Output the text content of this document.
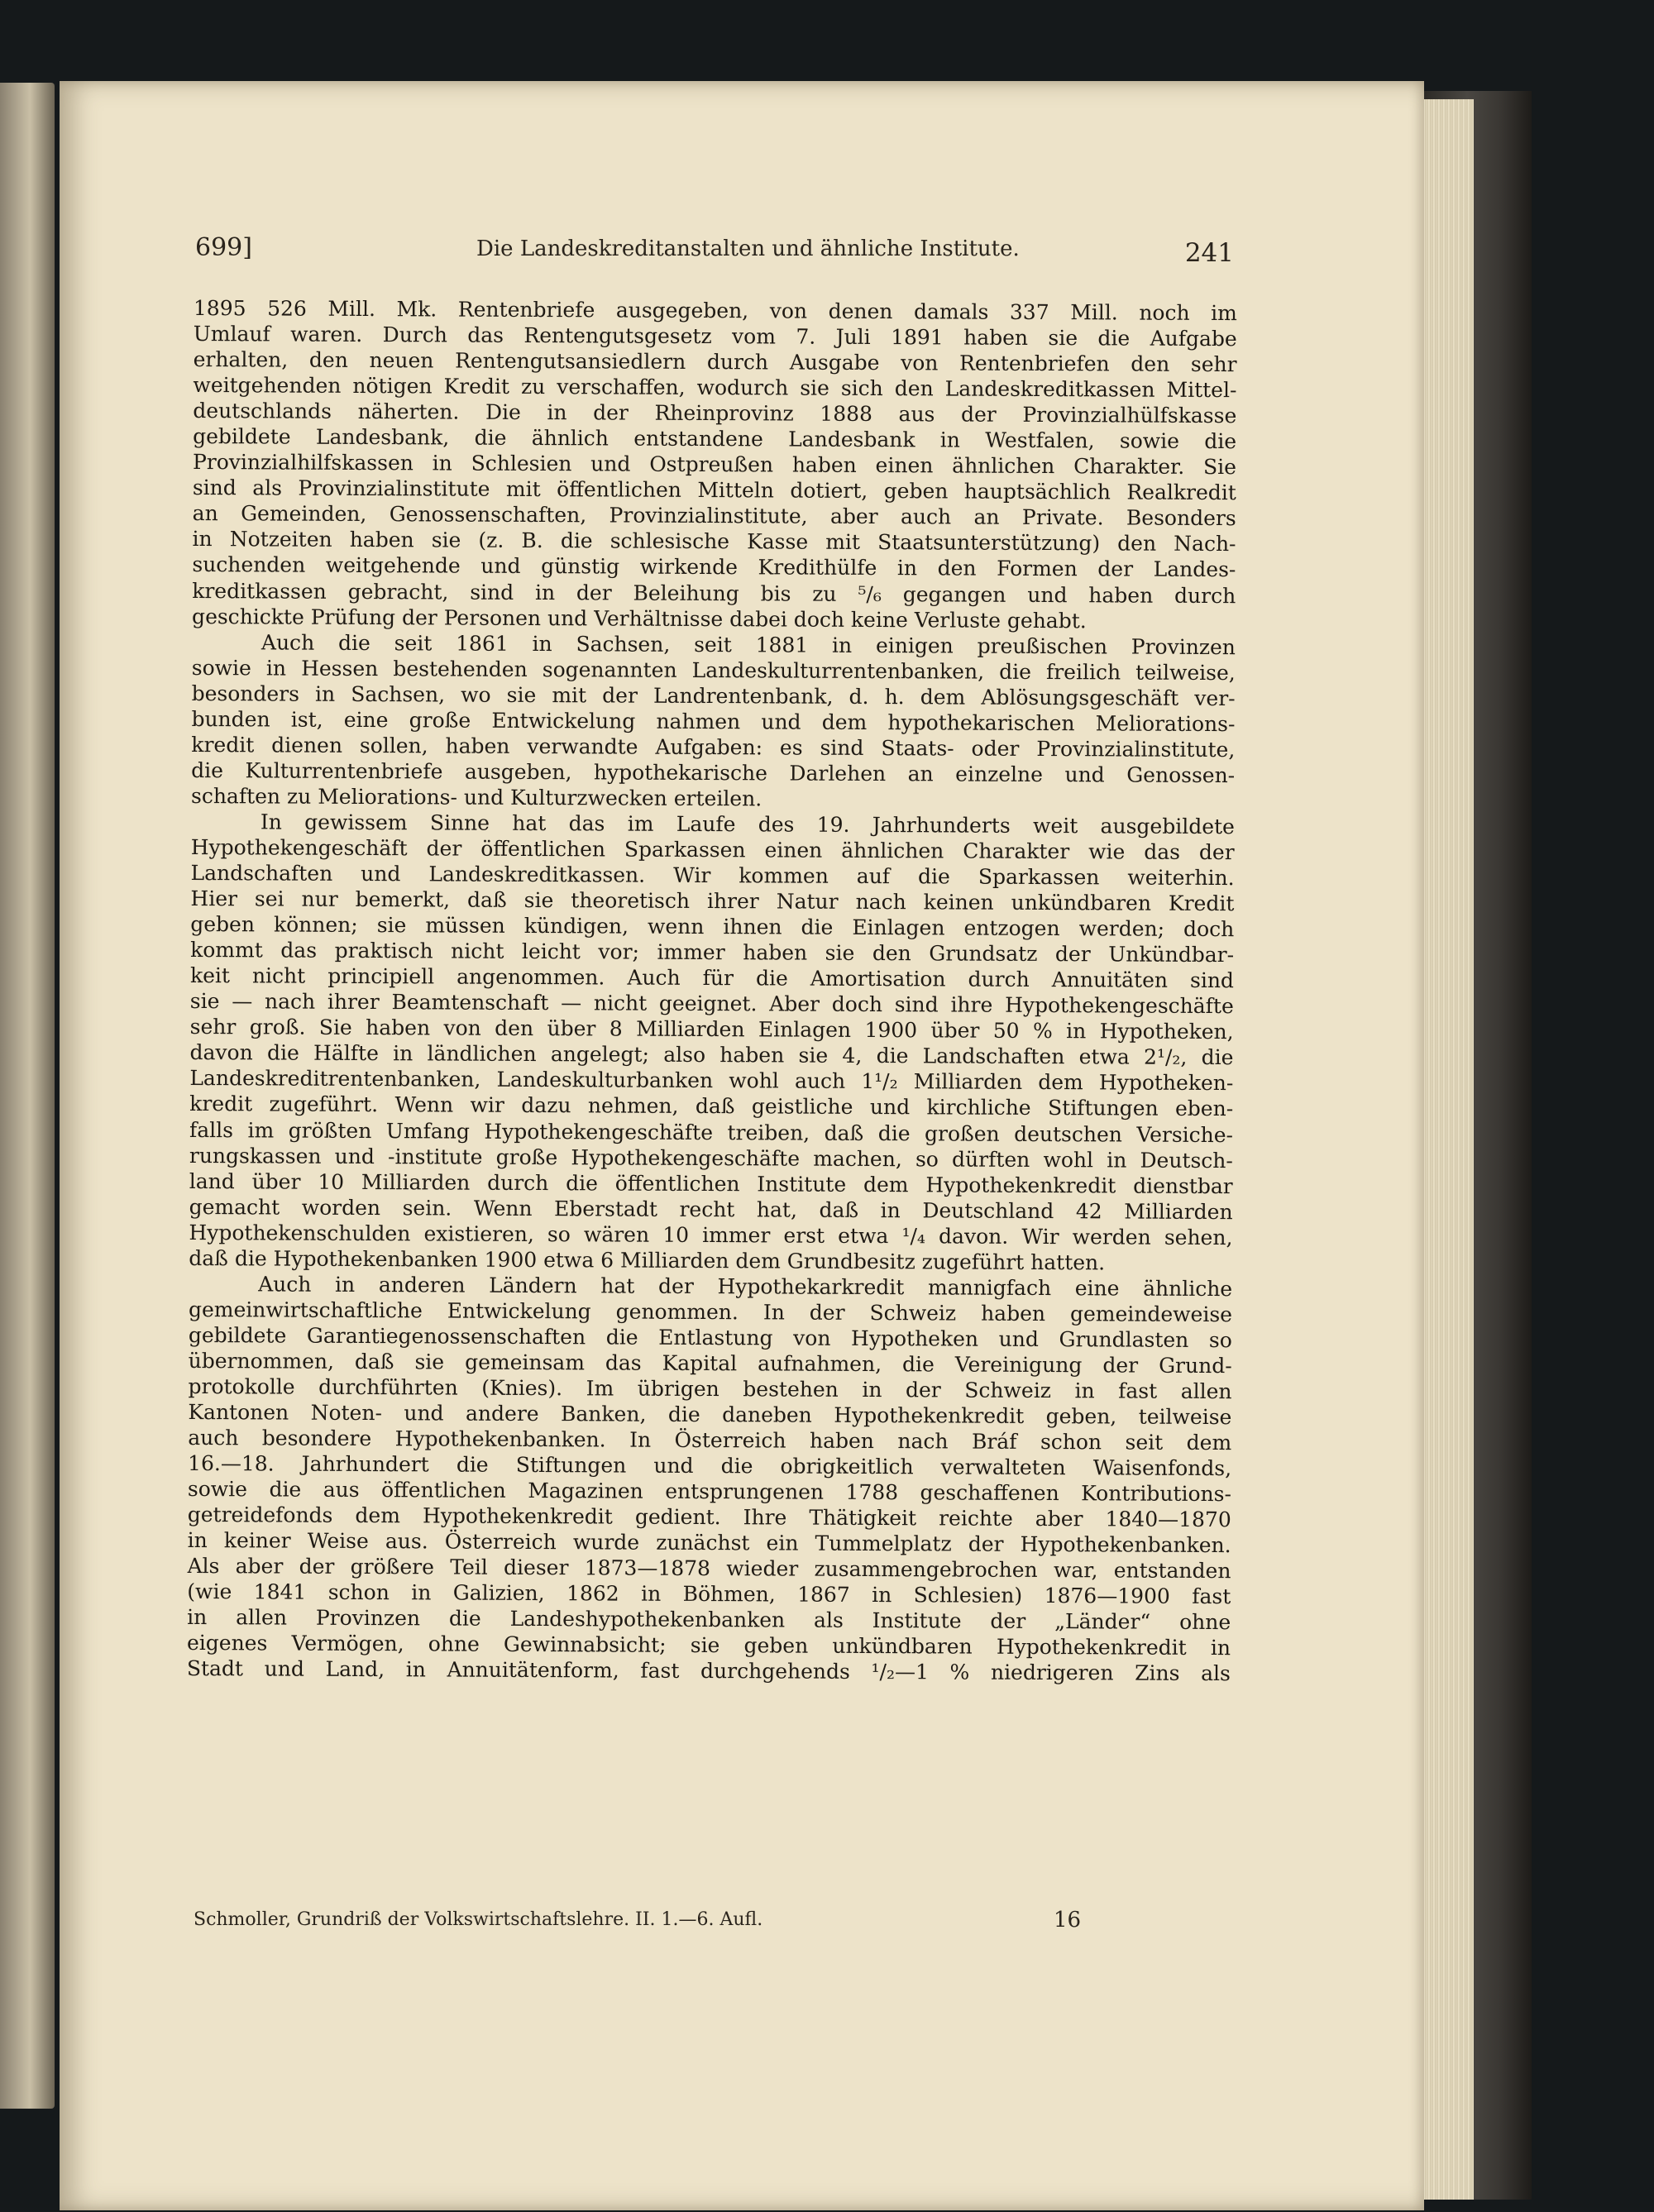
699]	Die Landeskreditanstalten und ähnliche Institute.	241
1895 526 Mill. Mk. Rentenbriefe ausgegeben, von denen damals 337 Mill. noch im
Umlauf waren. Durch das Rentengutsgesetz vom 7. Juli 1891 haben sie die Aufgabe
erhalten, den neuen Rentengutsansiedlern durch Ausgabe von Rentenbriefen den sehr
weitgehenden nötigen Kredit zu verschaffen, wodurch sie sich den Landeskreditkassen Mittel-
deutschlands näherten. Die in der Rheinprovinz 1888 aus der Provinzialhülfskasse
gebildete Landesbank, die ähnlich entstandene Landesbank in Westfalen, sowie die
Provinzialhilfskassen in Schlesien und Ostpreußen haben einen ähnlichen Charakter. Sie
sind als Provinzialinstitute mit öffentlichen Mitteln dotiert, geben hauptsächlich Realkredit
an Gemeinden, Genossenschaften, Provinzialinstitute, aber auch an Private. Besonders
in Notzeiten haben sie (z. B. die schlesische Kasse mit Staatsunterstützung) den Nach-
suchenden weitgehende und günstig wirkende Kredithülfe in den Formen der Landes-
kreditkassen gebracht, sind in der Beleihung bis zu ⁵/₆ gegangen und haben durch
geschickte Prüfung der Personen und Verhältnisse dabei doch keine Verluste gehabt.
Auch die seit 1861 in Sachsen, seit 1881 in einigen preußischen Provinzen
sowie in Hessen bestehenden sogenannten Landeskulturrentenbanken, die freilich teilweise,
besonders in Sachsen, wo sie mit der Landrentenbank, d. h. dem Ablösungsgeschäft ver-
bunden ist, eine große Entwickelung nahmen und dem hypothekarischen Meliorations-
kredit dienen sollen, haben verwandte Aufgaben: es sind Staats- oder Provinzialinstitute,
die Kulturrentenbriefe ausgeben, hypothekarische Darlehen an einzelne und Genossen-
schaften zu Meliorations- und Kulturzwecken erteilen.
In gewissem Sinne hat das im Laufe des 19. Jahrhunderts weit ausgebildete
Hypothekengeschäft der öffentlichen Sparkassen einen ähnlichen Charakter wie das der
Landschaften und Landeskreditkassen. Wir kommen auf die Sparkassen weiterhin.
Hier sei nur bemerkt, daß sie theoretisch ihrer Natur nach keinen unkündbaren Kredit
geben können; sie müssen kündigen, wenn ihnen die Einlagen entzogen werden; doch
kommt das praktisch nicht leicht vor; immer haben sie den Grundsatz der Unkündbar-
keit nicht principiell angenommen. Auch für die Amortisation durch Annuitäten sind
sie — nach ihrer Beamtenschaft — nicht geeignet. Aber doch sind ihre Hypothekengeschäfte
sehr groß. Sie haben von den über 8 Milliarden Einlagen 1900 über 50 % in Hypotheken,
davon die Hälfte in ländlichen angelegt; also haben sie 4, die Landschaften etwa 2¹/₂, die
Landeskreditrentenbanken, Landeskulturbanken wohl auch 1¹/₂ Milliarden dem Hypotheken-
kredit zugeführt. Wenn wir dazu nehmen, daß geistliche und kirchliche Stiftungen eben-
falls im größten Umfang Hypothekengeschäfte treiben, daß die großen deutschen Versiche-
rungskassen und -institute große Hypothekengeschäfte machen, so dürften wohl in Deutsch-
land über 10 Milliarden durch die öffentlichen Institute dem Hypothekenkredit dienstbar
gemacht worden sein. Wenn Eberstadt recht hat, daß in Deutschland 42 Milliarden
Hypothekenschulden existieren, so wären 10 immer erst etwa ¹/₄ davon. Wir werden sehen,
daß die Hypothekenbanken 1900 etwa 6 Milliarden dem Grundbesitz zugeführt hatten.
Auch in anderen Ländern hat der Hypothekarkredit mannigfach eine ähnliche
gemeinwirtschaftliche Entwickelung genommen. In der Schweiz haben gemeindeweise
gebildete Garantiegenossenschaften die Entlastung von Hypotheken und Grundlasten so
übernommen, daß sie gemeinsam das Kapital aufnahmen, die Vereinigung der Grund-
protokolle durchführten (Knies). Im übrigen bestehen in der Schweiz in fast allen
Kantonen Noten- und andere Banken, die daneben Hypothekenkredit geben, teilweise
auch besondere Hypothekenbanken. In Österreich haben nach Bráf schon seit dem
16.—18. Jahrhundert die Stiftungen und die obrigkeitlich verwalteten Waisenfonds,
sowie die aus öffentlichen Magazinen entsprungenen 1788 geschaffenen Kontributions-
getreidefonds dem Hypothekenkredit gedient. Ihre Thätigkeit reichte aber 1840—1870
in keiner Weise aus. Österreich wurde zunächst ein Tummelplatz der Hypothekenbanken.
Als aber der größere Teil dieser 1873—1878 wieder zusammengebrochen war, entstanden
(wie 1841 schon in Galizien, 1862 in Böhmen, 1867 in Schlesien) 1876—1900 fast
in allen Provinzen die Landeshypothekenbanken als Institute der „Länder“ ohne
eigenes Vermögen, ohne Gewinnabsicht; sie geben unkündbaren Hypothekenkredit in
Stadt und Land, in Annuitätenform, fast durchgehends ¹/₂—1 % niedrigeren Zins als
Schmoller, Grundriß der Volkswirtschaftslehre. II. 1.—6. Aufl.	16
